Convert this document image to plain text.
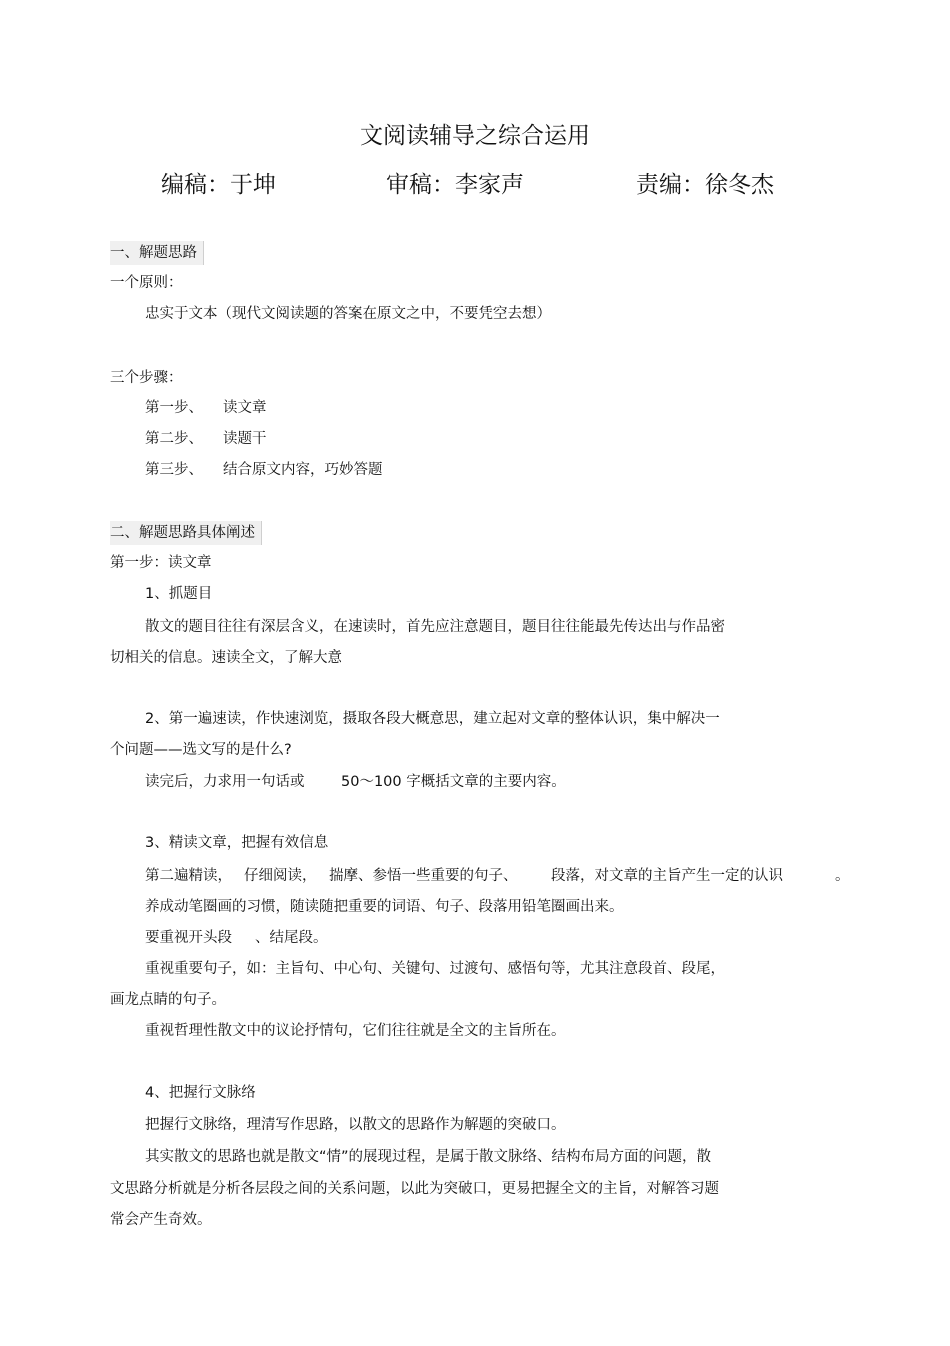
文阅读辅导之综合运用
编稿：于坤	审稿：李家声	责编：徐冬杰
一、解题思路
一个原则：
忠实于文本（现代文阅读题的答案在原文之中，不要凭空去想）
三个步骤：
第一步、 读文章
第二步、 读题干
第三步、 结合原文内容，巧妙答题
二、解题思路具体阐述
第一步：读文章
1、抓题目
散文的题目往往有深层含义，在速读时，首先应注意题目，题目往往能最先传达出与作品密
切相关的信息。速读全文，了解大意
2、第一遍速读，作快速浏览，摄取各段大概意思，建立起对文章的整体认识，集中解决一
个问题——选文写的是什么?
读完后，力求用一句话或	50～100 字概括文章的主要内容。
3、精读文章，把握有效信息
第二遍精读， 仔细阅读， 揣摩、参悟一些重要的句子、 段落，对文章的主旨产生一定的认识	。
养成动笔圈画的习惯，随读随把重要的词语、句子、段落用铅笔圈画出来。
要重视开头段 、结尾段。
重视重要句子，如：主旨句、中心句、关键句、过渡句、感悟句等，尤其注意段首、段尾，
画龙点睛的句子。
重视哲理性散文中的议论抒情句，它们往往就是全文的主旨所在。
4、把握行文脉络
把握行文脉络，理清写作思路，以散文的思路作为解题的突破口。
其实散文的思路也就是散文“情”的展现过程，是属于散文脉络、结构布局方面的问题，散
文思路分析就是分析各层段之间的关系问题，以此为突破口，更易把握全文的主旨，对解答习题
常会产生奇效。
